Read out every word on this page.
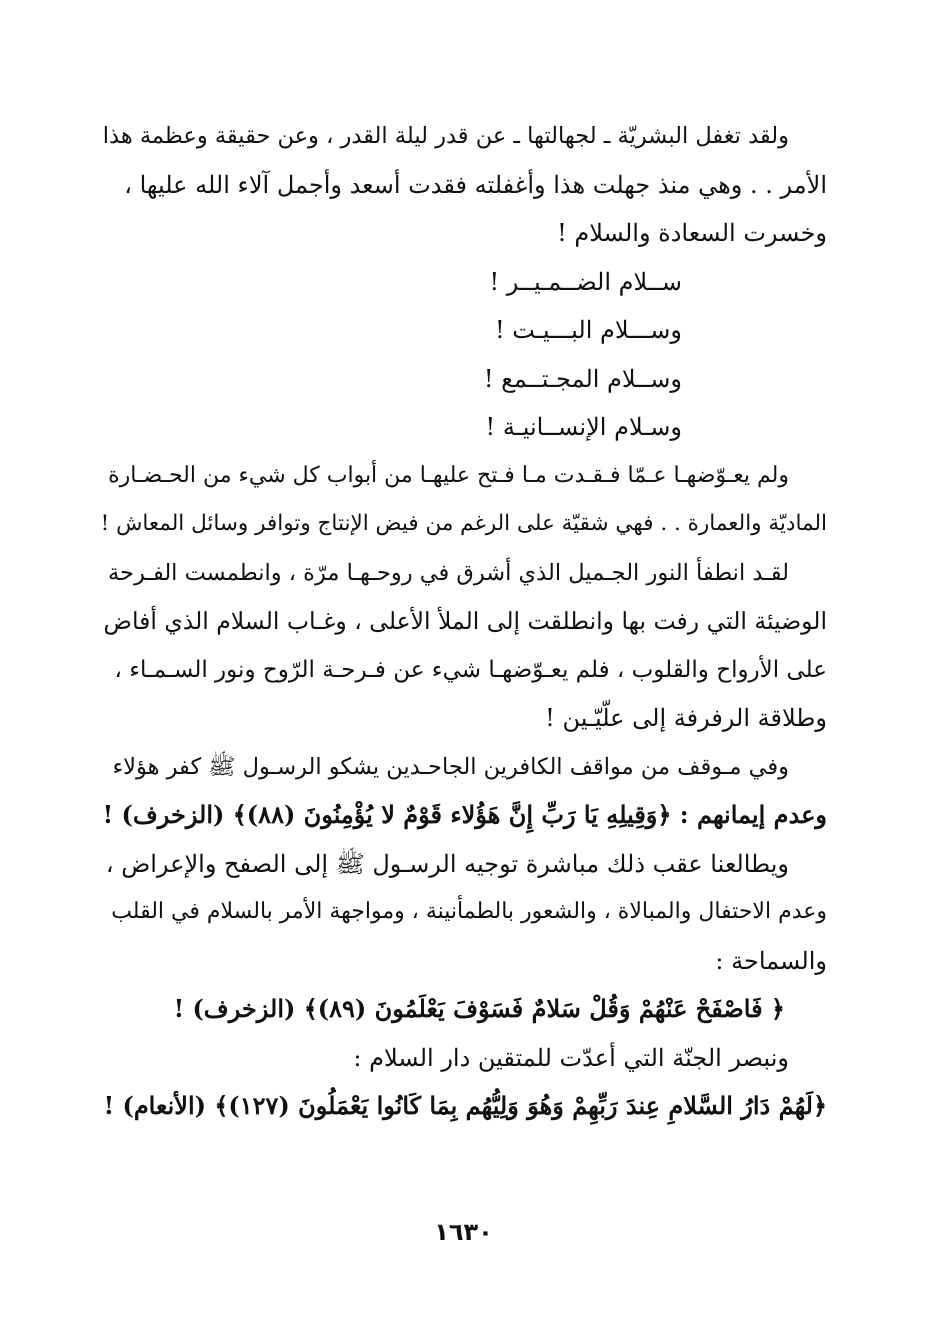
ولقد تغفل البشريّة ـ لجهالتها ـ عن قدر ليلة القدر ، وعن حقيقة وعظمة هذا
الأمر . . وهي منذ جهلت هذا وأغفلته فقدت أسعد وأجمل آلاء الله عليها ،
وخسرت السعادة والسلام !
ســلام الضــمـيــر !
وســـلام البـــيـت !
وســلام المجـتــمع !
وسـلام الإنســانيـة !
ولم يعـوّضهـا عـمّا فـقـدت مـا فـتح عليهـا من أبواب كل شيء من الحـضـارة
الماديّة والعمارة . . فهي شقيّة على الرغم من فيض الإنتاج وتوافر وسائل المعاش !
لقـد انطفأ النور الجـميل الذي أشرق في روحـهـا مرّة ، وانطمست الفـرحة
الوضيئة التي رفت بها وانطلقت إلى الملأ الأعلى ، وغـاب السلام الذي أفاض
على الأرواح والقلوب ، فلم يعـوّضهـا شيء عن فـرحـة الرّوح ونور السـمـاء ،
وطلاقة الرفرفة إلى علّيّـين !
وفي مـوقف من مواقف الكافرين الجاحـدين يشكو الرسـول ﷺ كفر هؤلاء
وعدم إيمانهم : ﴿وَقِيلِهِ يَا رَبِّ إِنَّ هَؤُلاء قَوْمٌ لا يُؤْمِنُونَ (٨٨)﴾ (الزخرف) !
ويطالعنا عقب ذلك مباشرة توجيه الرسـول ﷺ إلى الصفح والإعراض ،
وعدم الاحتفال والمبالاة ، والشعور بالطمأنينة ، ومواجهة الأمر بالسلام في القلب
والسماحة :
﴿ فَاصْفَحْ عَنْهُمْ وَقُلْ سَلامٌ فَسَوْفَ يَعْلَمُونَ (٨٩)﴾ (الزخرف) !
ونبصر الجنّة التي أعدّت للمتقين دار السلام :
﴿لَهُمْ دَارُ السَّلامِ عِندَ رَبِّهِمْ وَهُوَ وَلِيُّهُم بِمَا كَانُوا يَعْمَلُونَ (١٢٧)﴾ (الأنعام) !
١٦٣٠
